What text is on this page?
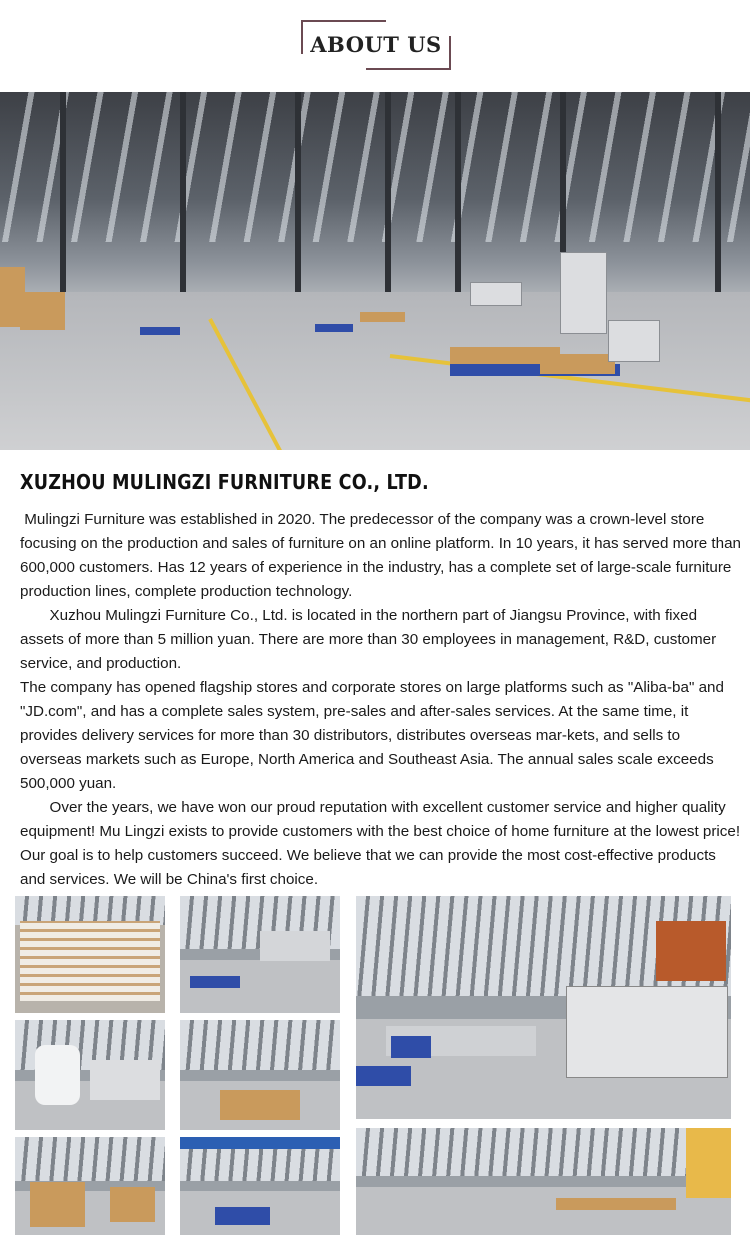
ABOUT US
XUZHOU MULINGZI FURNITURE CO., LTD.

Mulingzi Furniture was established in 2020. The predecessor of the company was a crown-level store focusing on the production and sales of furniture on an online platform. In 10 years, it has served more than 600,000 customers. Has 12 years of experience in the industry, has a complete set of large-scale furniture production lines, complete production technology.

Xuzhou Mulingzi Furniture Co., Ltd. is located in the northern part of Jiangsu Province, with fixed assets of more than 5 million yuan. There are more than 30 employees in management, R&D, customer service, and production.

The company has opened flagship stores and corporate stores on large platforms such as "Aliba-ba" and "JD.com", and has a complete sales system, pre-sales and after-sales services. At the same time, it provides delivery services for more than 30 distributors, distributes overseas mar-kets, and sells to overseas markets such as Europe, North America and Southeast Asia. The annual sales scale exceeds 500,000 yuan.

Over the years, we have won our proud reputation with excellent customer service and higher quality equipment! Mu Lingzi exists to provide customers with the best choice of home furniture at the lowest price! Our goal is to help customers succeed. We believe that we can provide the most cost-effective products and services. We will be China's first choice.
